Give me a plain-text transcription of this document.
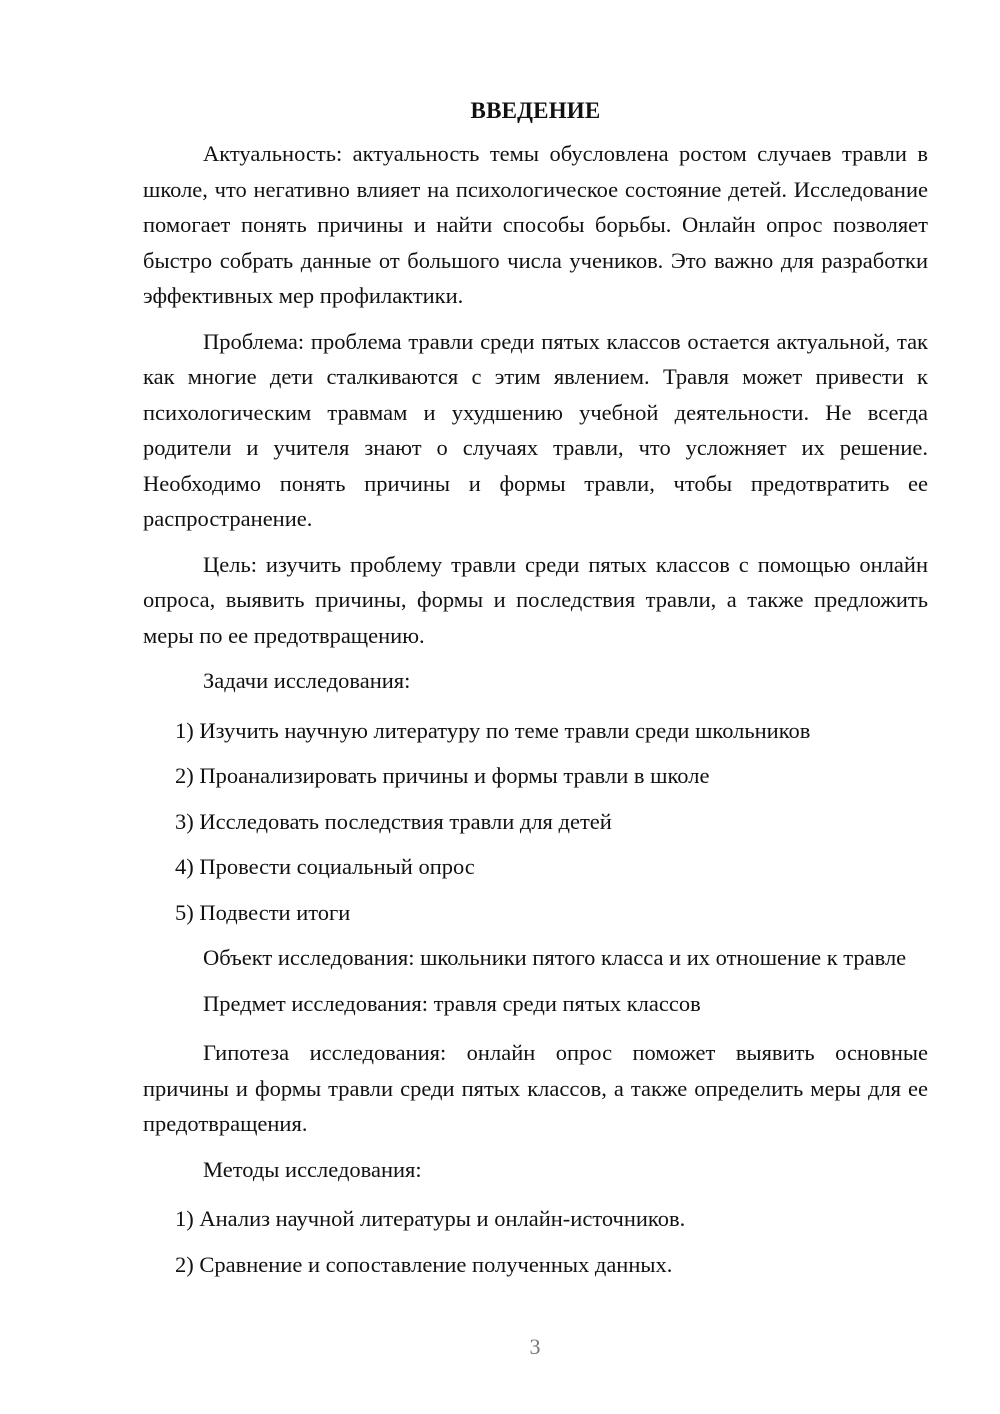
ВВЕДЕНИЕ

Актуальность: актуальность темы обусловлена ростом случаев травли в школе, что негативно влияет на психологическое состояние детей. Исследование помогает понять причины и найти способы борьбы. Онлайн опрос позволяет быстро собрать данные от большого числа учеников. Это важно для разработки эффективных мер профилактики.

Проблема: проблема травли среди пятых классов остается актуальной, так как многие дети сталкиваются с этим явлением. Травля может привести к психологическим травмам и ухудшению учебной деятельности. Не всегда родители и учителя знают о случаях травли, что усложняет их решение. Необходимо понять причины и формы травли, чтобы предотвратить ее распространение.

Цель: изучить проблему травли среди пятых классов с помощью онлайн опроса, выявить причины, формы и последствия травли, а также предложить меры по ее предотвращению.

Задачи исследования:

1) Изучить научную литературу по теме травли среди школьников
2) Проанализировать причины и формы травли в школе
3) Исследовать последствия травли для детей
4) Провести социальный опрос
5) Подвести итоги

Объект исследования: школьники пятого класса и их отношение к травле

Предмет исследования: травля среди пятых классов

Гипотеза исследования: онлайн опрос поможет выявить основные причины и формы травли среди пятых классов, а также определить меры для ее предотвращения.

Методы исследования:

1) Анализ научной литературы и онлайн-источников.
2) Сравнение и сопоставление полученных данных.
3
